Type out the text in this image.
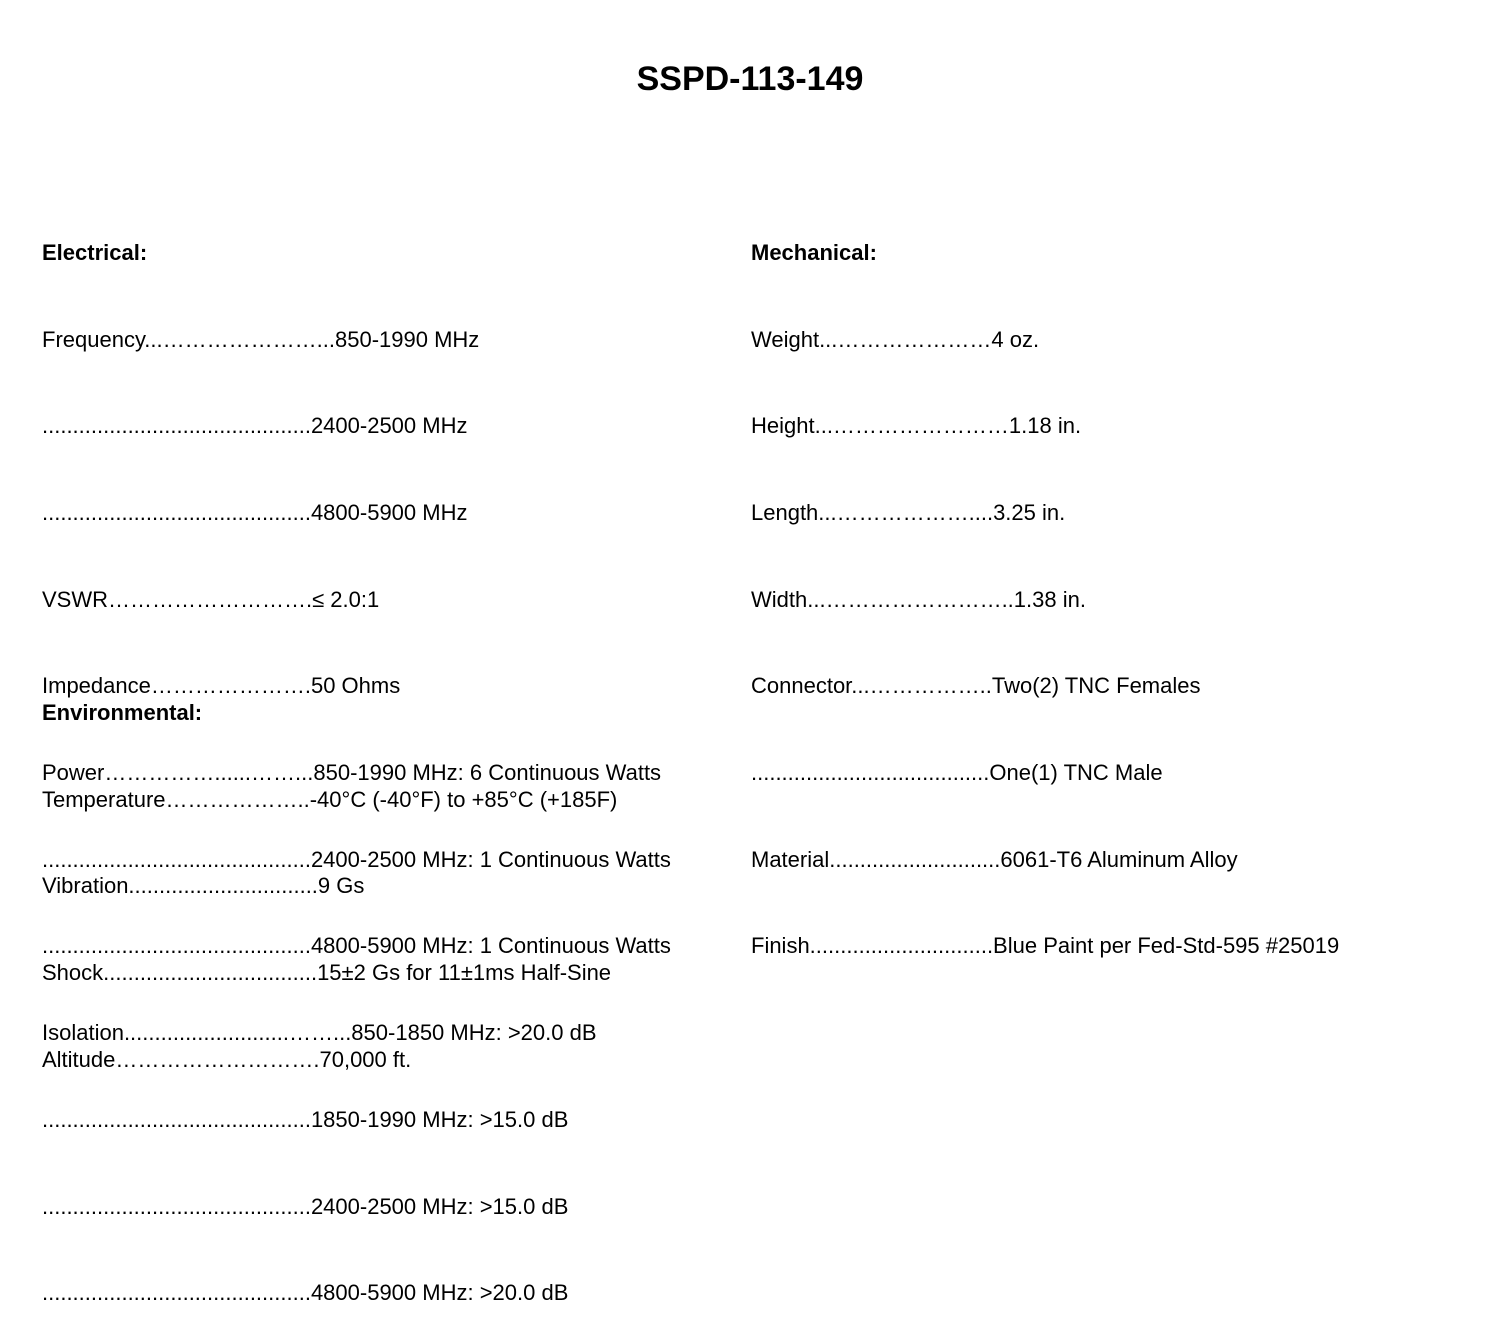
SSPD-113-149

Electrical:

Frequency...…………………...850-1990 MHz

............................................2400-2500 MHz

............................................4800-5900 MHz

VSWR……………………….≤ 2.0:1

Impedance………………….50 Ohms

Power……………......……...850-1990 MHz: 6 Continuous Watts

............................................2400-2500 MHz: 1 Continuous Watts

............................................4800-5900 MHz: 1 Continuous Watts

Isolation...........................……...850-1850 MHz: >20.0 dB

............................................1850-1990 MHz: >15.0 dB

............................................2400-2500 MHz: >15.0 dB

............................................4800-5900 MHz: >20.0 dB

Mechanical:

Weight...…………………4 oz.

Height...……………………1.18 in.

Length...………………....3.25 in.

Width...……………………..1.38 in.

Connector...……………..Two(2) TNC Females

.......................................One(1) TNC Male

Material............................6061-T6 Aluminum Alloy

Finish..............................Blue Paint per Fed-Std-595 #25019

Environmental:

Temperature………………..-40°C (-40°F) to +85°C (+185F)

Vibration...............................9 Gs

Shock...................................15±2 Gs for 11±1ms Half-Sine

Altitude……………………….70,000 ft.
